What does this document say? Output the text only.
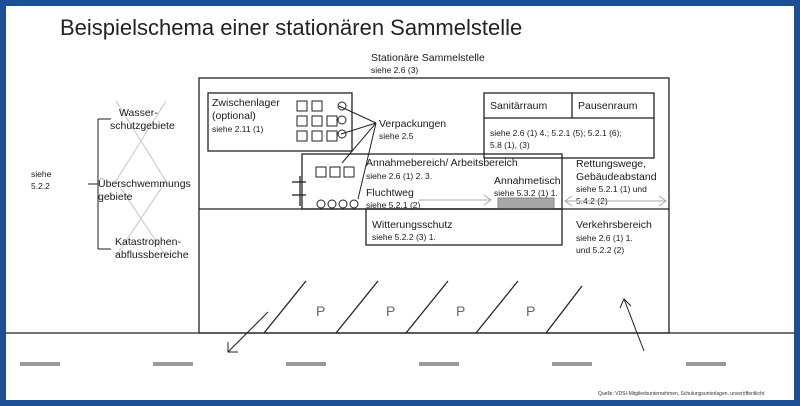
Beispielschema einer stationären Sammelstelle
Stationäre Sammelstelle
siehe 2.6 (3)
Wasser-
schutzgebiete
Überschwemmungs
gebiete
Katastrophen-
abflussbereiche
siehe
5.2.2
Zwischenlager
(optional)
siehe 2.11 (1)	Verpackungen
siehe 2.5
Sanitärraum	Pausenraum
siehe 2.6 (1) 4.; 5.2.1 (5); 5.2.1 (6);
5.8 (1), (3)
Annahmebereich/ Arbeitsbereich
siehe 2.6 (1) 2. 3.
Fluchtweg
siehe 5.2.1 (2)
Annahmetisch
siehe 5.3.2 (1) 1.
Rettungswege,
Gebäudeabstand
siehe 5.2.1 (1) und
5.4.2 (2)
Witterungsschutz
siehe 5.2.2 (3) 1.
Verkehrsbereich
siehe 2.6 (1) 1.
und 5.2.2 (2)
P	P	P	P
Quelle: VDSI-Mitgliedsunternehmen, Schulungsunterlagen, unveröffentlicht
